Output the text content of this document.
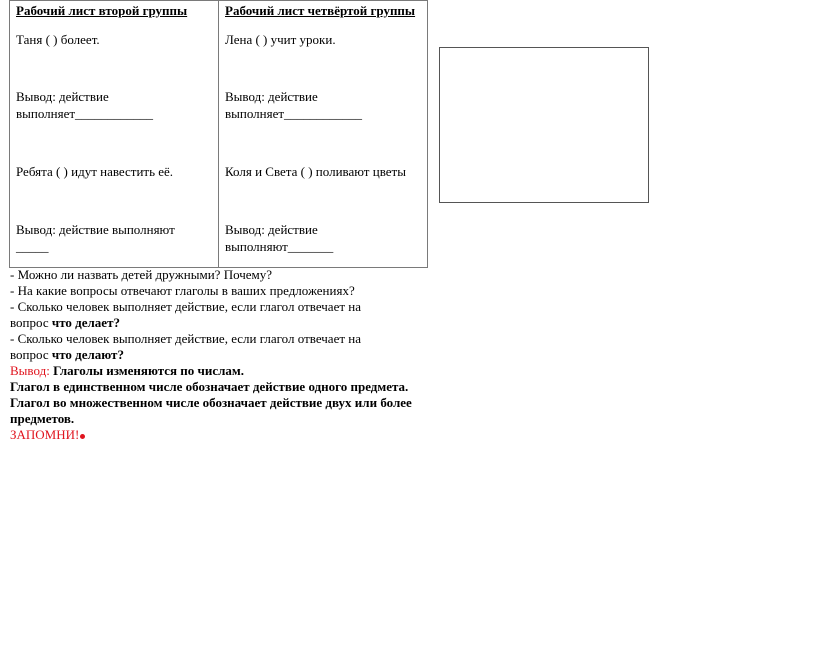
Рабочий лист второй группы
Таня ( ) болеет.
Вывод: действие
выполняет____________
Ребята ( ) идут навестить её.
Вывод: действие выполняют
_____

Рабочий лист четвёртой группы
Лена ( ) учит уроки.
Вывод: действие
выполняет____________
Коля и Света ( ) поливают цветы
Вывод: действие
выполняют_______
- Можно ли назвать детей дружными? Почему?
- На какие вопросы отвечают глаголы в ваших предложениях?
- Сколько человек выполняет действие, если глагол отвечает на
вопрос что делает?
- Сколько человек выполняет действие, если глагол отвечает на
вопрос что делают?
Вывод: Глаголы изменяются по числам.
Глагол в единственном числе обозначает действие одного предмета.
Глагол во множественном числе обозначает действие двух или более
предметов.
ЗАПОМНИ!
